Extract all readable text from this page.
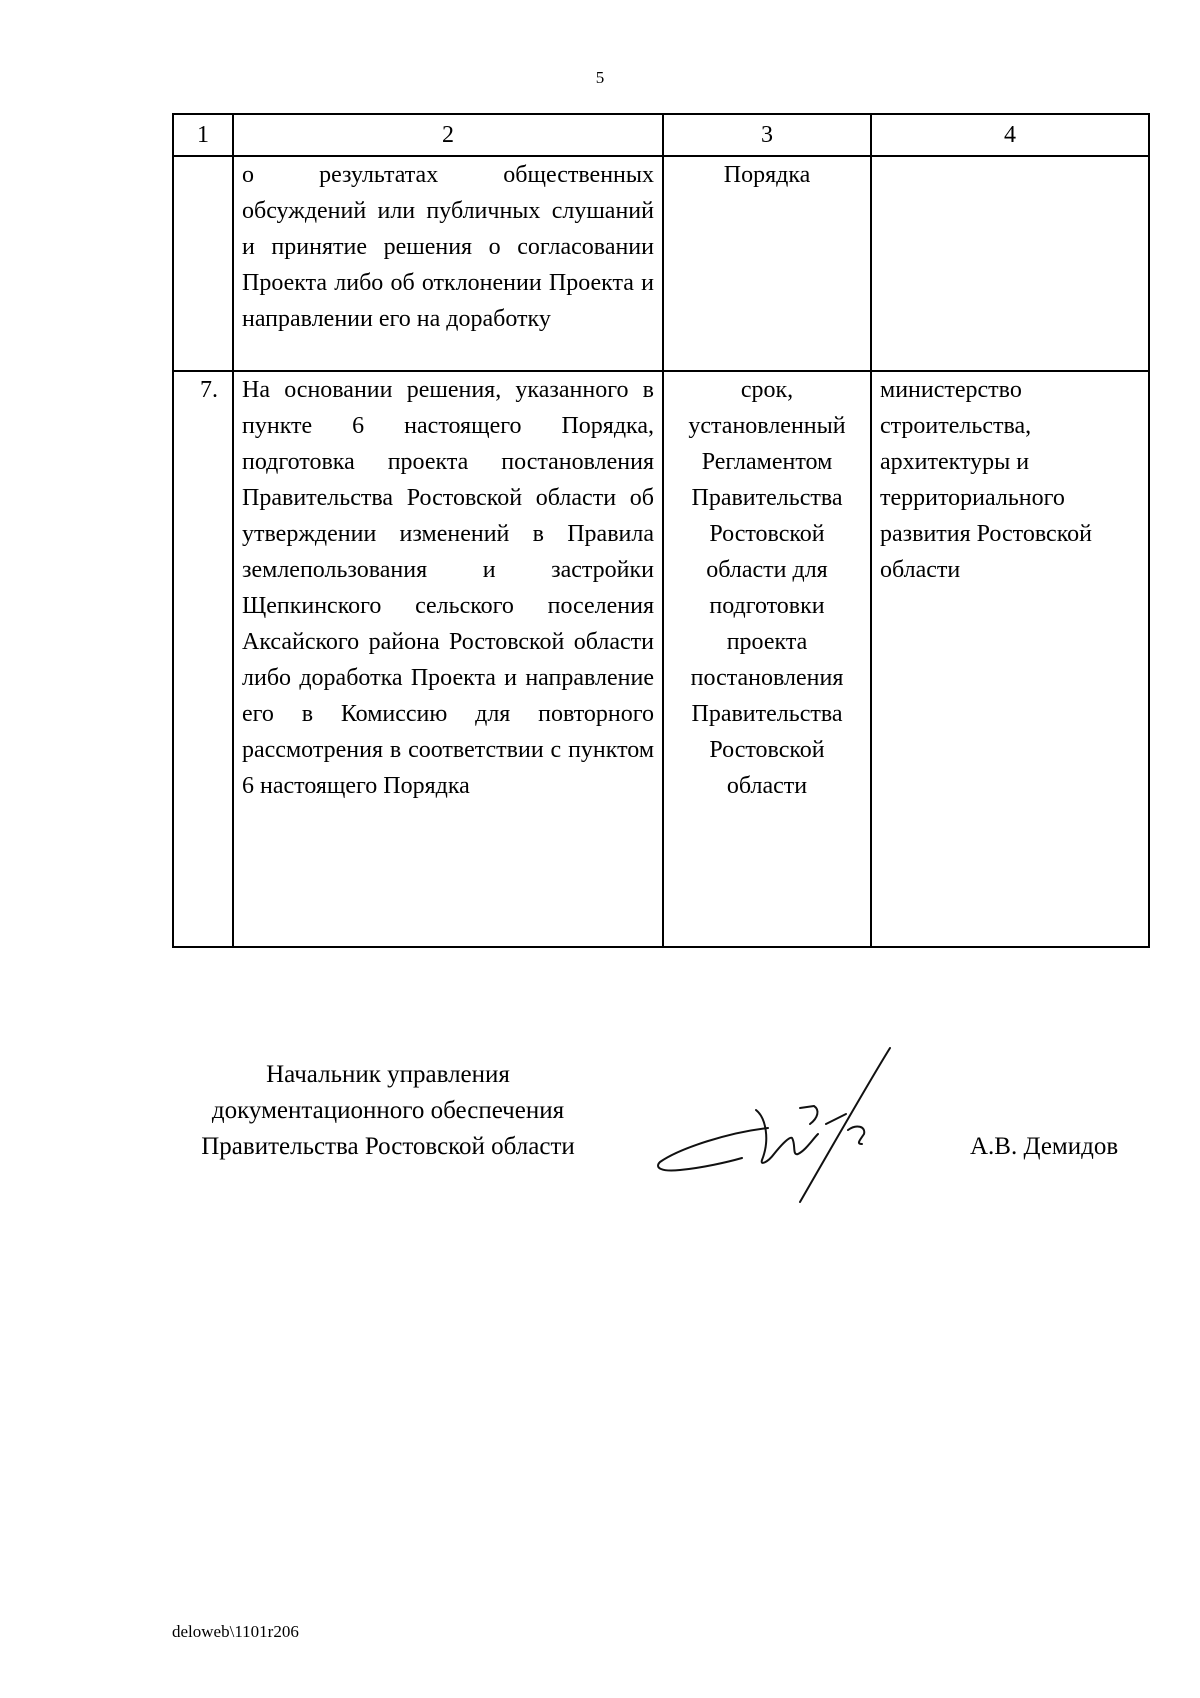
5
1	2	3	4
	о результатах общественных обсуждений или публичных слушаний и принятие решения о согласовании Проекта либо об отклонении Проекта и направлении его на доработку	Порядка	
7.	На основании решения, указанного в пункте 6 настоящего Порядка, подготовка проекта постановления Правительства Ростовской области об утверждении изменений в Правила землепользования и застройки Щепкинского сельского поселения Аксайского района Ростовской области либо доработка Проекта и направление его в Комиссию для повторного рассмотрения в соответствии с пунктом 6 настоящего Порядка	срок, установленный Регламентом Правительства Ростовской области для подготовки проекта постановления Правительства Ростовской области	министерство строительства, архитектуры и территориального развития Ростовской области
Начальник управления
документационного обеспечения
Правительства Ростовской области	А.В. Демидов
deloweb\1101r206
